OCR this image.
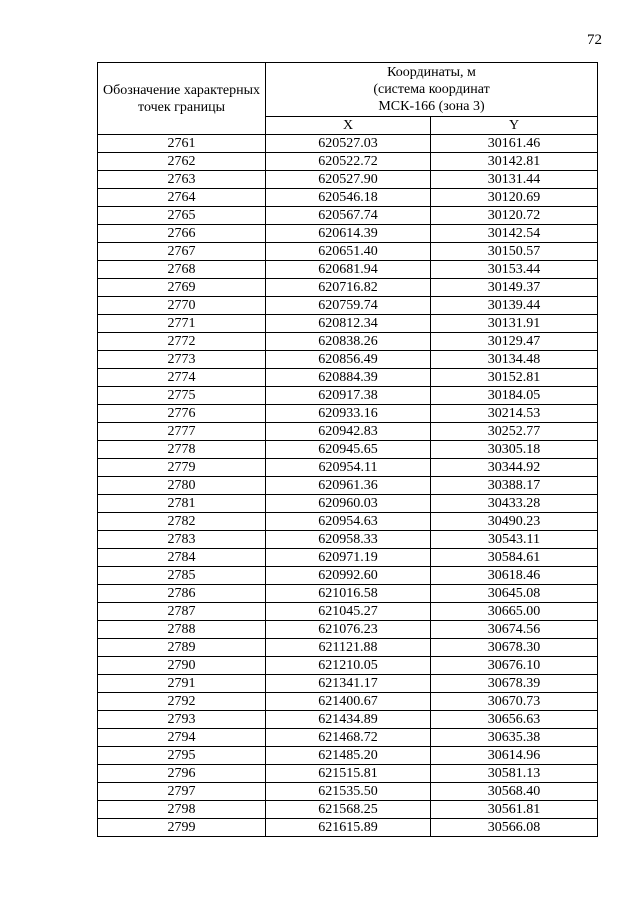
72
Обозначение характерных точек границы	Координаты, м
(система координат
МСК-166 (зона 3)	

	X	Y
2761	620527.03	30161.46
2762	620522.72	30142.81
2763	620527.90	30131.44
2764	620546.18	30120.69
2765	620567.74	30120.72
2766	620614.39	30142.54
2767	620651.40	30150.57
2768	620681.94	30153.44
2769	620716.82	30149.37
2770	620759.74	30139.44
2771	620812.34	30131.91
2772	620838.26	30129.47
2773	620856.49	30134.48
2774	620884.39	30152.81
2775	620917.38	30184.05
2776	620933.16	30214.53
2777	620942.83	30252.77
2778	620945.65	30305.18
2779	620954.11	30344.92
2780	620961.36	30388.17
2781	620960.03	30433.28
2782	620954.63	30490.23
2783	620958.33	30543.11
2784	620971.19	30584.61
2785	620992.60	30618.46
2786	621016.58	30645.08
2787	621045.27	30665.00
2788	621076.23	30674.56
2789	621121.88	30678.30
2790	621210.05	30676.10
2791	621341.17	30678.39
2792	621400.67	30670.73
2793	621434.89	30656.63
2794	621468.72	30635.38
2795	621485.20	30614.96
2796	621515.81	30581.13
2797	621535.50	30568.40
2798	621568.25	30561.81
2799	621615.89	30566.08
